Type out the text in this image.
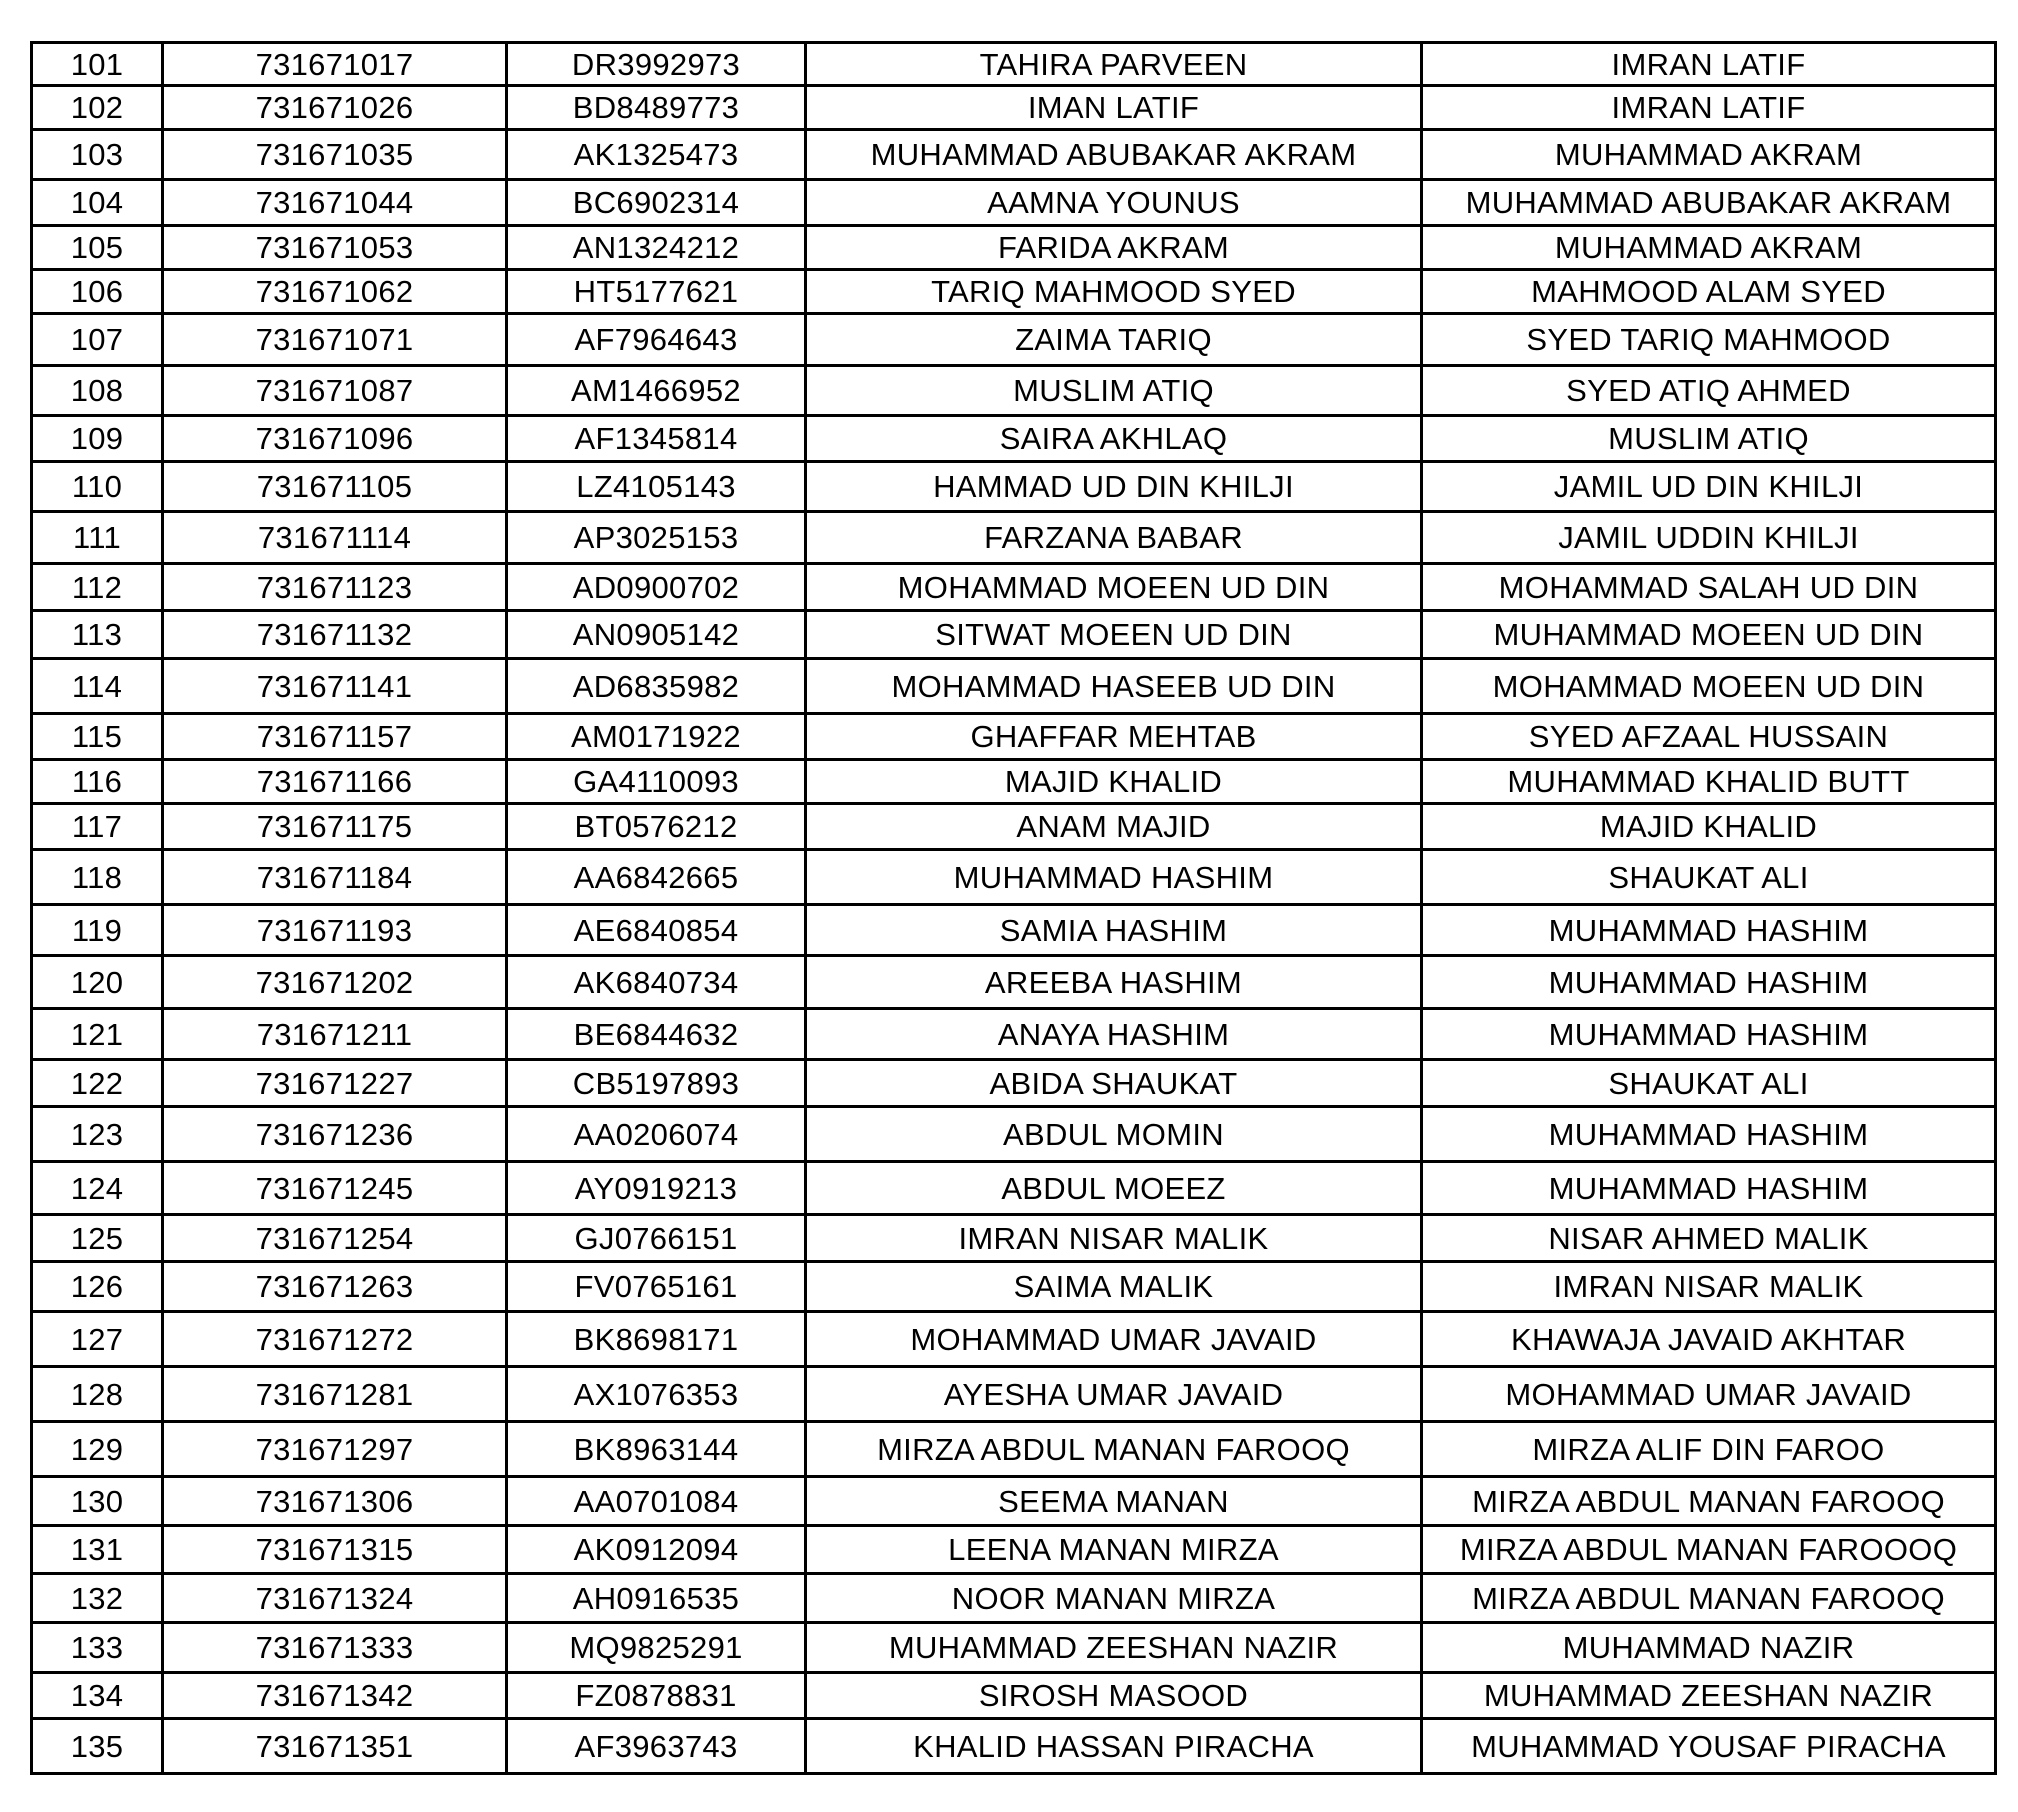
101	731671017	DR3992973	TAHIRA PARVEEN	IMRAN LATIF
102	731671026	BD8489773	IMAN LATIF	IMRAN LATIF
103	731671035	AK1325473	MUHAMMAD ABUBAKAR AKRAM	MUHAMMAD AKRAM
104	731671044	BC6902314	AAMNA YOUNUS	MUHAMMAD ABUBAKAR AKRAM
105	731671053	AN1324212	FARIDA AKRAM	MUHAMMAD AKRAM
106	731671062	HT5177621	TARIQ MAHMOOD SYED	MAHMOOD ALAM SYED
107	731671071	AF7964643	ZAIMA TARIQ	SYED TARIQ MAHMOOD
108	731671087	AM1466952	MUSLIM ATIQ	SYED ATIQ AHMED
109	731671096	AF1345814	SAIRA AKHLAQ	MUSLIM ATIQ
110	731671105	LZ4105143	HAMMAD UD DIN KHILJI	JAMIL UD DIN KHILJI
111	731671114	AP3025153	FARZANA BABAR	JAMIL UDDIN KHILJI
112	731671123	AD0900702	MOHAMMAD MOEEN UD DIN	MOHAMMAD SALAH UD DIN
113	731671132	AN0905142	SITWAT MOEEN UD DIN	MUHAMMAD MOEEN UD DIN
114	731671141	AD6835982	MOHAMMAD HASEEB UD DIN	MOHAMMAD MOEEN UD DIN
115	731671157	AM0171922	GHAFFAR MEHTAB	SYED AFZAAL HUSSAIN
116	731671166	GA4110093	MAJID KHALID	MUHAMMAD KHALID BUTT
117	731671175	BT0576212	ANAM MAJID	MAJID KHALID
118	731671184	AA6842665	MUHAMMAD HASHIM	SHAUKAT ALI
119	731671193	AE6840854	SAMIA HASHIM	MUHAMMAD HASHIM
120	731671202	AK6840734	AREEBA HASHIM	MUHAMMAD HASHIM
121	731671211	BE6844632	ANAYA HASHIM	MUHAMMAD HASHIM
122	731671227	CB5197893	ABIDA SHAUKAT	SHAUKAT ALI
123	731671236	AA0206074	ABDUL MOMIN	MUHAMMAD HASHIM
124	731671245	AY0919213	ABDUL MOEEZ	MUHAMMAD HASHIM
125	731671254	GJ0766151	IMRAN NISAR MALIK	NISAR AHMED MALIK
126	731671263	FV0765161	SAIMA MALIK	IMRAN NISAR MALIK
127	731671272	BK8698171	MOHAMMAD UMAR JAVAID	KHAWAJA JAVAID AKHTAR
128	731671281	AX1076353	AYESHA UMAR JAVAID	MOHAMMAD UMAR JAVAID
129	731671297	BK8963144	MIRZA ABDUL MANAN FAROOQ	MIRZA ALIF DIN FAROO
130	731671306	AA0701084	SEEMA MANAN	MIRZA ABDUL MANAN FAROOQ
131	731671315	AK0912094	LEENA MANAN MIRZA	MIRZA ABDUL MANAN FAROOOQ
132	731671324	AH0916535	NOOR MANAN MIRZA	MIRZA ABDUL MANAN FAROOQ
133	731671333	MQ9825291	MUHAMMAD ZEESHAN NAZIR	MUHAMMAD NAZIR
134	731671342	FZ0878831	SIROSH MASOOD	MUHAMMAD ZEESHAN NAZIR
135	731671351	AF3963743	KHALID HASSAN PIRACHA	MUHAMMAD YOUSAF PIRACHA
